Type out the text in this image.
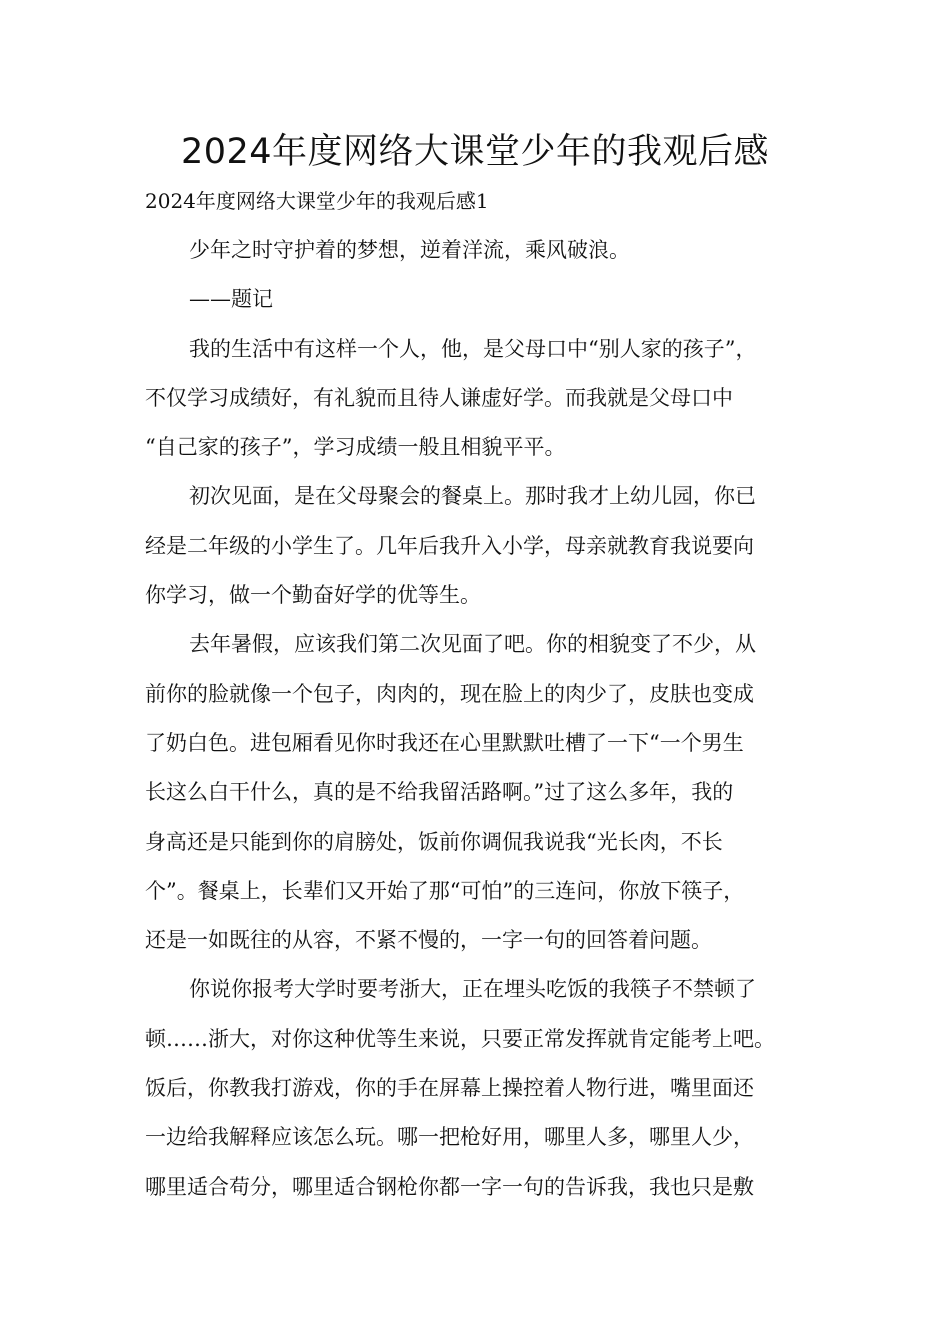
2024年度网络大课堂少年的我观后感
2024年度网络大课堂少年的我观后感1
少年之时守护着的梦想，逆着洋流，乘风破浪。
——题记
我的生活中有这样一个人，他，是父母口中“别人家的孩子”，
不仅学习成绩好，有礼貌而且待人谦虚好学。而我就是父母口中
“自己家的孩子”，学习成绩一般且相貌平平。
初次见面，是在父母聚会的餐桌上。那时我才上幼儿园，你已
经是二年级的小学生了。几年后我升入小学，母亲就教育我说要向
你学习，做一个勤奋好学的优等生。
去年暑假，应该我们第二次见面了吧。你的相貌变了不少，从
前你的脸就像一个包子，肉肉的，现在脸上的肉少了，皮肤也变成
了奶白色。进包厢看见你时我还在心里默默吐槽了一下“一个男生
长这么白干什么，真的是不给我留活路啊。”过了这么多年，我的
身高还是只能到你的肩膀处，饭前你调侃我说我“光长肉，不长
个”。餐桌上，长辈们又开始了那“可怕”的三连问，你放下筷子，
还是一如既往的从容，不紧不慢的，一字一句的回答着问题。
你说你报考大学时要考浙大，正在埋头吃饭的我筷子不禁顿了
顿……浙大，对你这种优等生来说，只要正常发挥就肯定能考上吧。
饭后，你教我打游戏，你的手在屏幕上操控着人物行进，嘴里面还
一边给我解释应该怎么玩。哪一把枪好用，哪里人多，哪里人少，
哪里适合苟分，哪里适合钢枪你都一字一句的告诉我，我也只是敷
